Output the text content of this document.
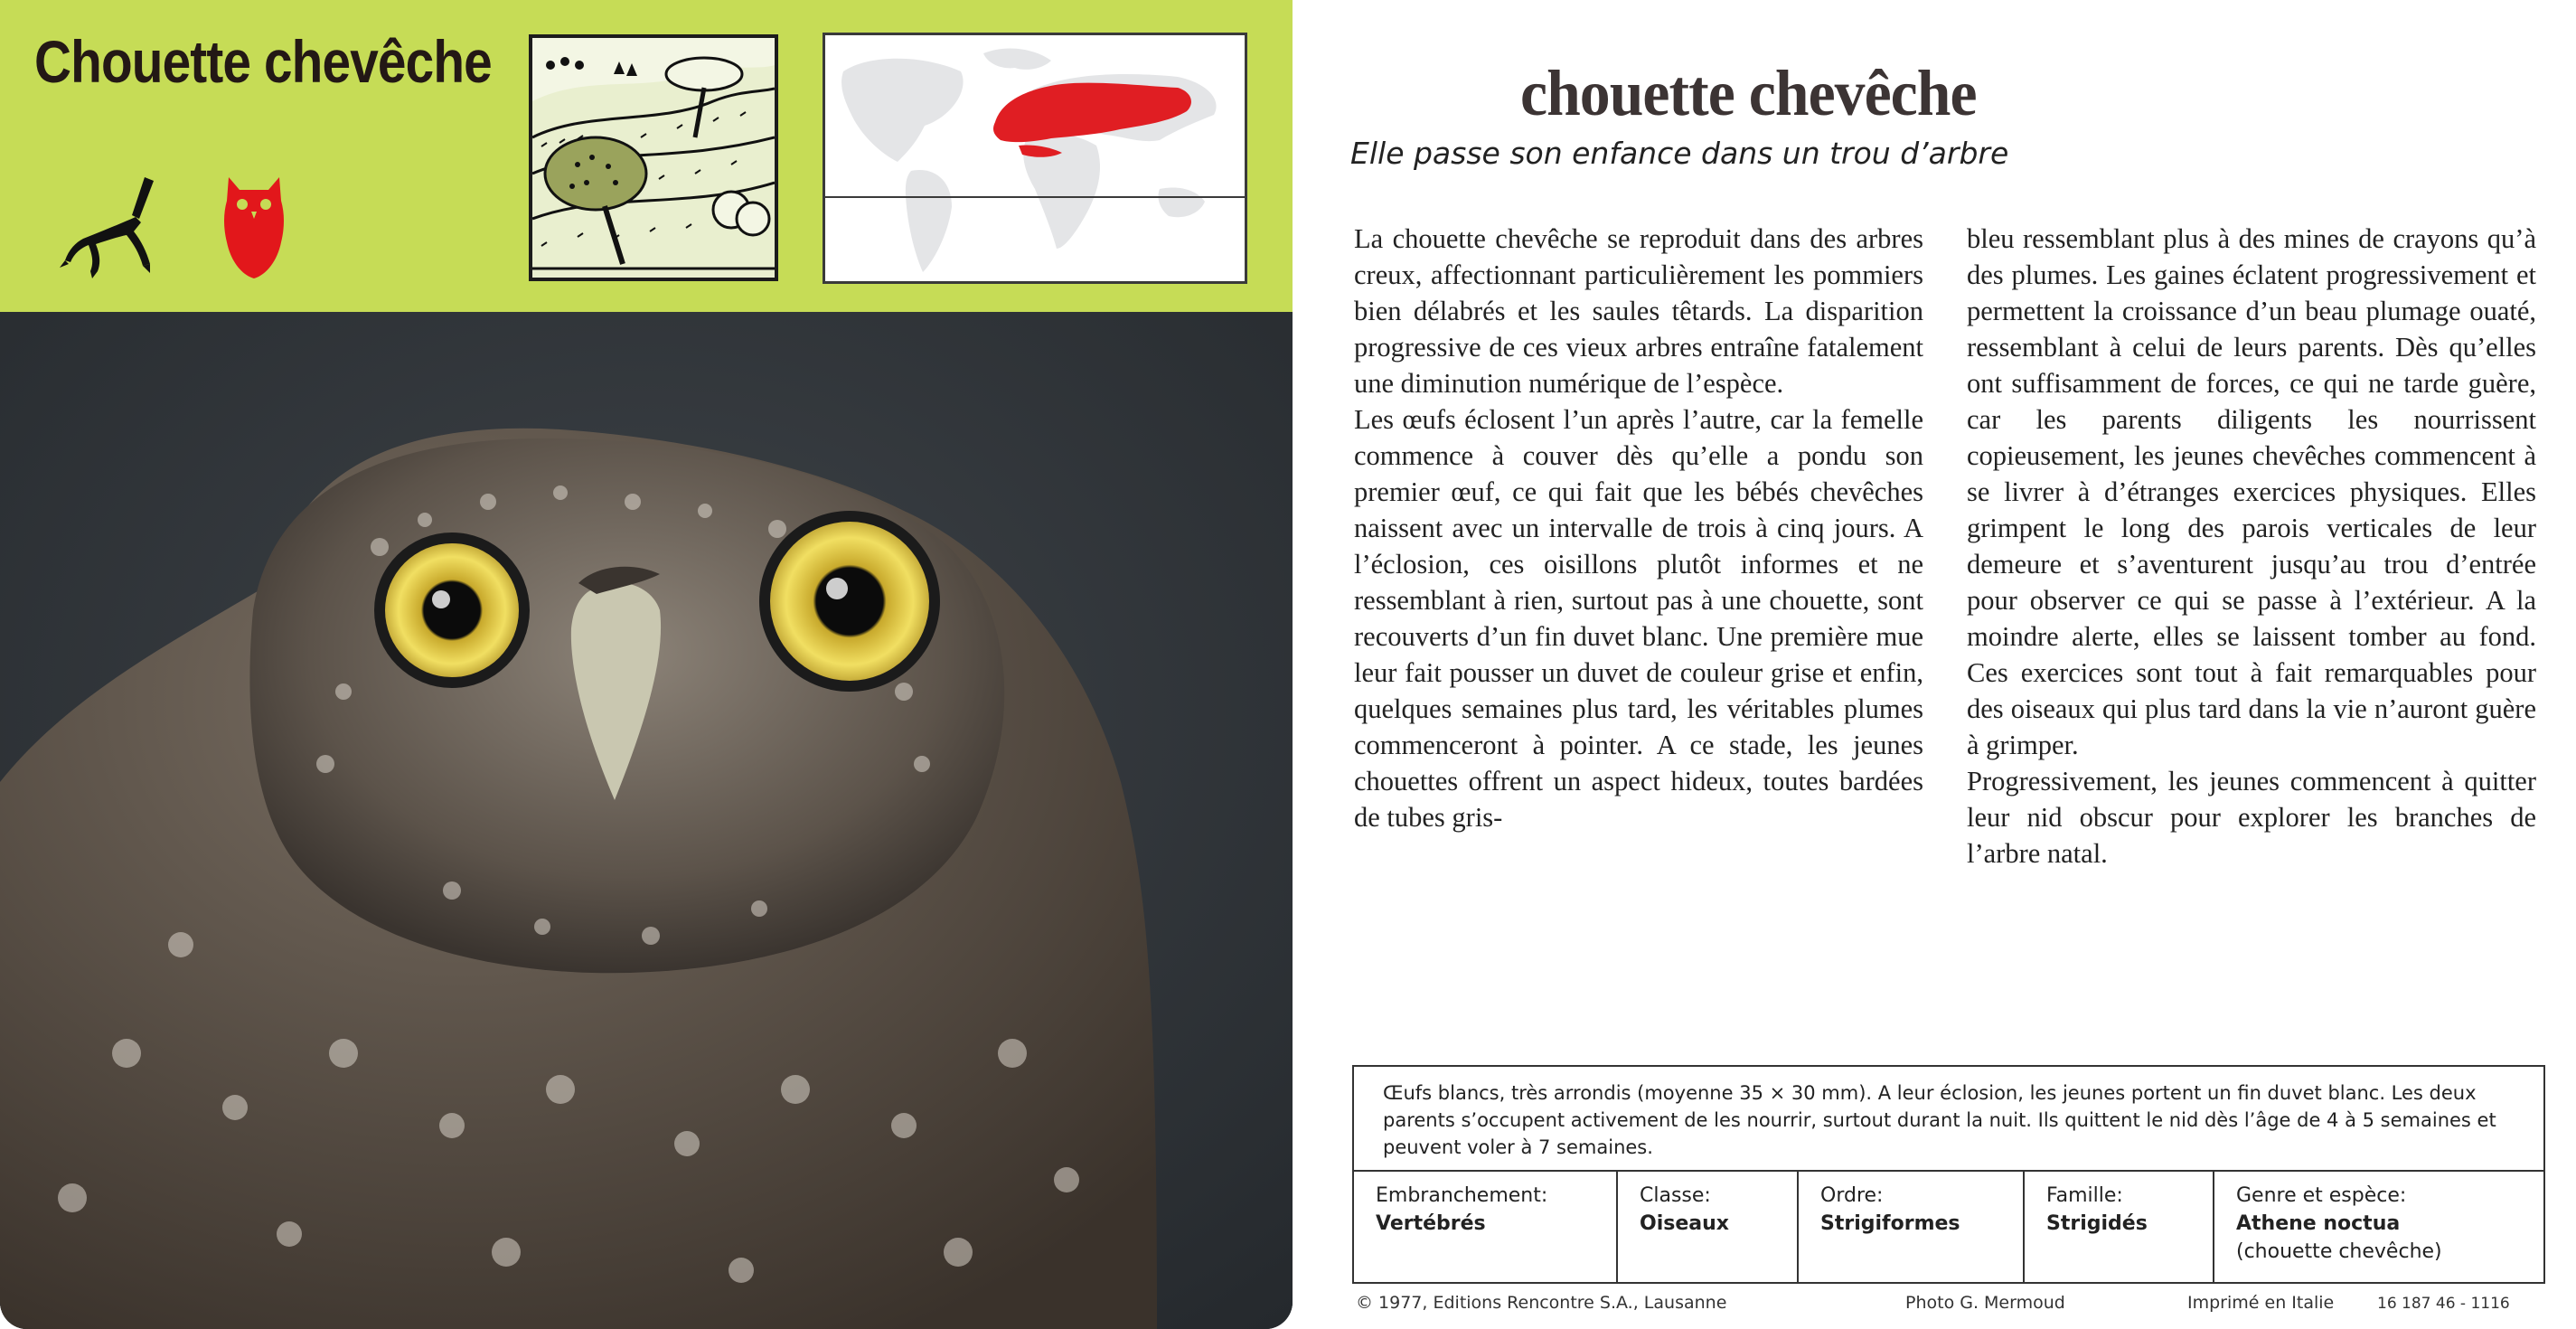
Chouette chevêche	chouette chevêche
Elle passe son enfance dans un trou d’arbre

La chouette chevêche se reproduit dans des arbres creux, affectionnant particulièrement les pommiers bien délabrés et les saules têtards. La disparition progressive de ces vieux arbres entraîne fatalement une diminution numérique de l’espèce.

Les œufs éclosent l’un après l’autre, car la femelle commence à couver dès qu’elle a pondu son premier œuf, ce qui fait que les bébés chevêches naissent avec un intervalle de trois à cinq jours. A l’éclosion, ces oisillons plutôt informes et ne ressemblant à rien, surtout pas à une chouette, sont recouverts d’un fin duvet blanc. Une première mue leur fait pousser un duvet de couleur grise et enfin, quelques semaines plus tard, les véritables plumes commenceront à pointer. A ce stade, les jeunes chouettes offrent un aspect hideux, toutes bardées de tubes gris-

bleu ressemblant plus à des mines de crayons qu’à des plumes. Les gaines éclatent progressivement et permettent la croissance d’un beau plumage ouaté, ressemblant à celui de leurs parents. Dès qu’elles ont suffisamment de forces, ce qui ne tarde guère, car les parents diligents les nourrissent copieusement, les jeunes chevêches commencent à se livrer à d’étranges exercices physiques. Elles grimpent le long des parois verticales de leur demeure et s’aventurent jusqu’au trou d’entrée pour observer ce qui se passe à l’extérieur. A la moindre alerte, elles se laissent tomber au fond. Ces exercices sont tout à fait remarquables pour des oiseaux qui plus tard dans la vie n’auront guère à grimper.

Progressivement, les jeunes commencent à quitter leur nid obscur pour explorer les branches de l’arbre natal.

Œufs blancs, très arrondis (moyenne 35 × 30 mm). A leur éclosion, les jeunes portent un fin duvet blanc. Les deux parents s’occupent activement de les nourrir, surtout durant la nuit. Ils quittent le nid dès l’âge de 4 à 5 semaines et peuvent voler à 7 semaines.
Embranchement:
Vertébrés
Classe:
Oiseaux
Ordre:
Strigiformes
Famille:
Strigidés
Genre et espèce:
Athene noctua
(chouette chevêche)
© 1977, Editions Rencontre S.A., Lausanne	Photo G. Mermoud	Imprimé en Italie	16 187 46 - 1116
